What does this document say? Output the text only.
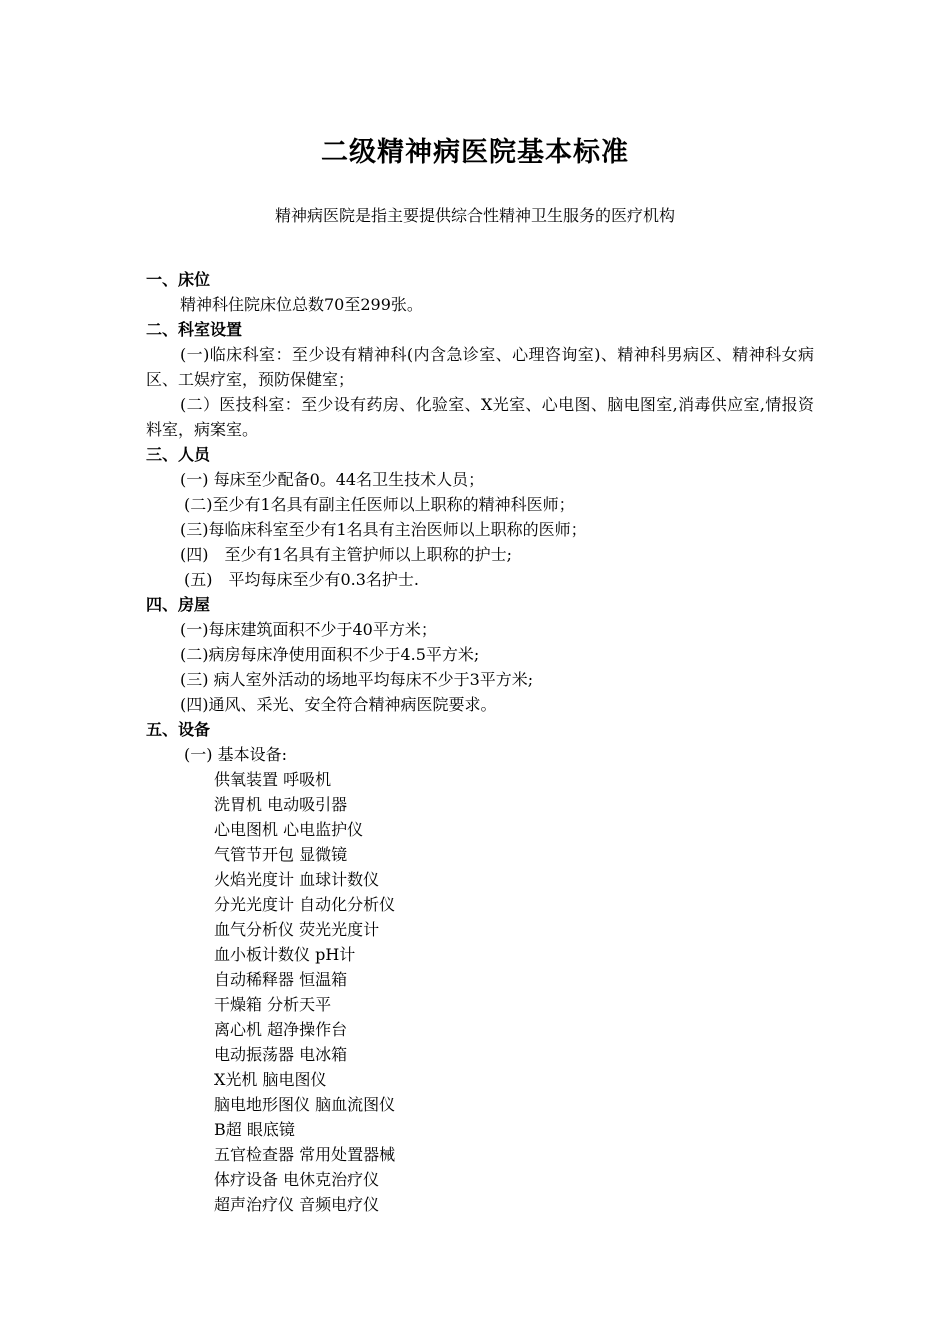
二级精神病医院基本标准

精神病医院是指主要提供综合性精神卫生服务的医疗机构

一、床位
精神科住院床位总数70至299张。
二、科室设置
(一)临床科室：至少设有精神科(内含急诊室、心理咨询室)、精神科男病区、精神科女病区、工娱疗室，预防保健室；
(二）医技科室：至少设有药房、化验室、X光室、心电图、脑电图室,消毒供应室,情报资料室，病案室。
三、人员
(一) 每床至少配备0。44名卫生技术人员；
(二)至少有1名具有副主任医师以上职称的精神科医师；
(三)每临床科室至少有1名具有主治医师以上职称的医师；
(四)　至少有1名具有主管护师以上职称的护士;
(五)　平均每床至少有0.3名护士.
四、房屋
(一)每床建筑面积不少于40平方米；
(二)病房每床净使用面积不少于4.5平方米;
(三) 病人室外活动的场地平均每床不少于3平方米;
(四)通风、采光、安全符合精神病医院要求。
五、设备
(一) 基本设备:
供氧装置 呼吸机
洗胃机 电动吸引器
心电图机 心电监护仪
气管节开包 显微镜
火焰光度计 血球计数仪
分光光度计 自动化分析仪
血气分析仪 荧光光度计
血小板计数仪 pH计
自动稀释器 恒温箱
干燥箱 分析天平
离心机 超净操作台
电动振荡器 电冰箱
X光机 脑电图仪
脑电地形图仪 脑血流图仪
B超 眼底镜
五官检查器 常用处置器械
体疗设备 电休克治疗仪
超声治疗仪 音频电疗仪
